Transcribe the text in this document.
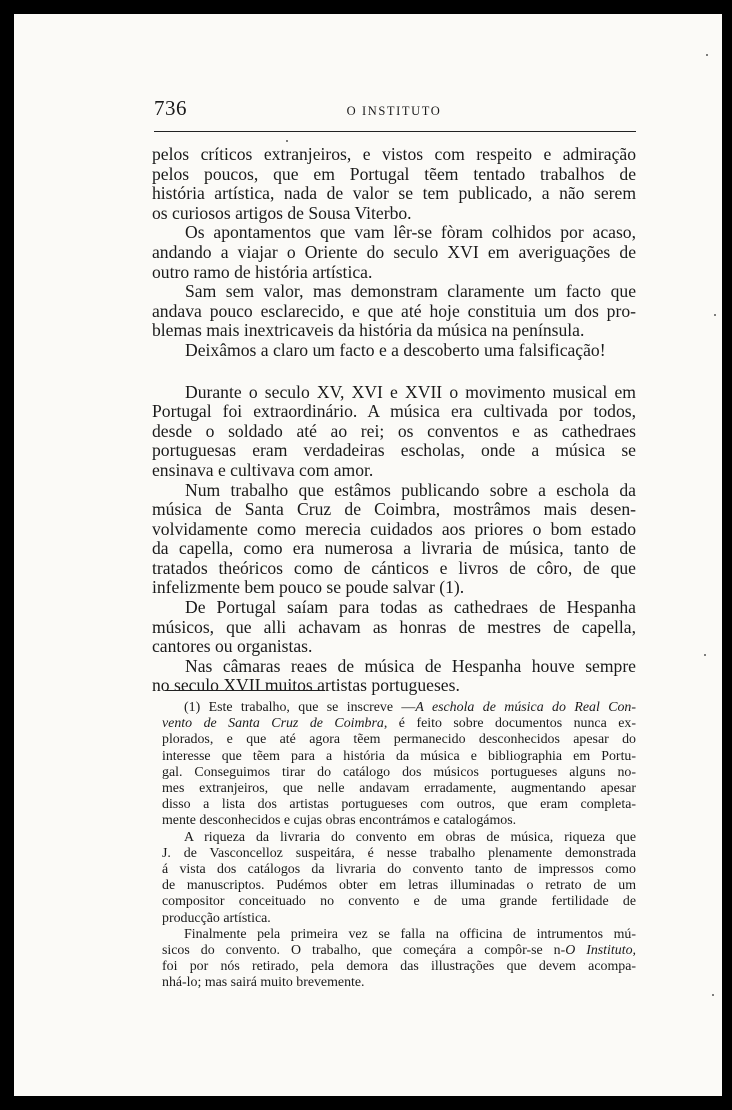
736	O INSTITUTO
pelos críticos extranjeiros, e vistos com respeito e admiração
pelos poucos, que em Portugal tẽem tentado trabalhos de
história artística, nada de valor se tem publicado, a não serem
os curiosos artigos de Sousa Viterbo.
Os apontamentos que vam lêr-se fòram colhidos por acaso,
andando a viajar o Oriente do seculo XVI em averiguações de
outro ramo de história artística.
Sam sem valor, mas demonstram claramente um facto que
andava pouco esclarecido, e que até hoje constituia um dos pro-
blemas mais inextricaveis da história da música na península.
Deixâmos a claro um facto e a descoberto uma falsificação!
Durante o seculo XV, XVI e XVII o movimento musical em
Portugal foi extraordinário. A música era cultivada por todos,
desde o soldado até ao rei; os conventos e as cathedraes
portuguesas eram verdadeiras escholas, onde a música se
ensinava e cultivava com amor.
Num trabalho que estâmos publicando sobre a eschola da
música de Santa Cruz de Coimbra, mostrâmos mais desen-
volvidamente como merecia cuidados aos priores o bom estado
da capella, como era numerosa a livraria de música, tanto de
tratados theóricos como de cánticos e livros de côro, de que
infelizmente bem pouco se poude salvar (1).
De Portugal saíam para todas as cathedraes de Hespanha
músicos, que alli achavam as honras de mestres de capella,
cantores ou organistas.
Nas câmaras reaes de música de Hespanha houve sempre
no seculo XVII muitos artistas portugueses.
(1) Este trabalho, que se inscreve —A eschola de música do Real Con-
vento de Santa Cruz de Coimbra, é feito sobre documentos nunca ex-
plorados, e que até agora tẽem permanecido desconhecidos apesar do
interesse que tẽem para a história da música e bibliographia em Portu-
gal. Conseguimos tirar do catálogo dos músicos portugueses alguns no-
mes extranjeiros, que nelle andavam erradamente, augmentando apesar
disso a lista dos artistas portugueses com outros, que eram completa-
mente desconhecidos e cujas obras encontrámos e catalogámos.
A riqueza da livraria do convento em obras de música, riqueza que
J. de Vasconcelloz suspeitára, é nesse trabalho plenamente demonstrada
á vista dos catálogos da livraria do convento tanto de impressos como
de manuscriptos. Pudémos obter em letras illuminadas o retrato de um
compositor conceituado no convento e de uma grande fertilidade de
producção artística.
Finalmente pela primeira vez se falla na officina de intrumentos mú-
sicos do convento. O trabalho, que começára a compôr-se n-O Instituto,
foi por nós retirado, pela demora das illustrações que devem acompa-
nhá-lo; mas sairá muito brevemente.
